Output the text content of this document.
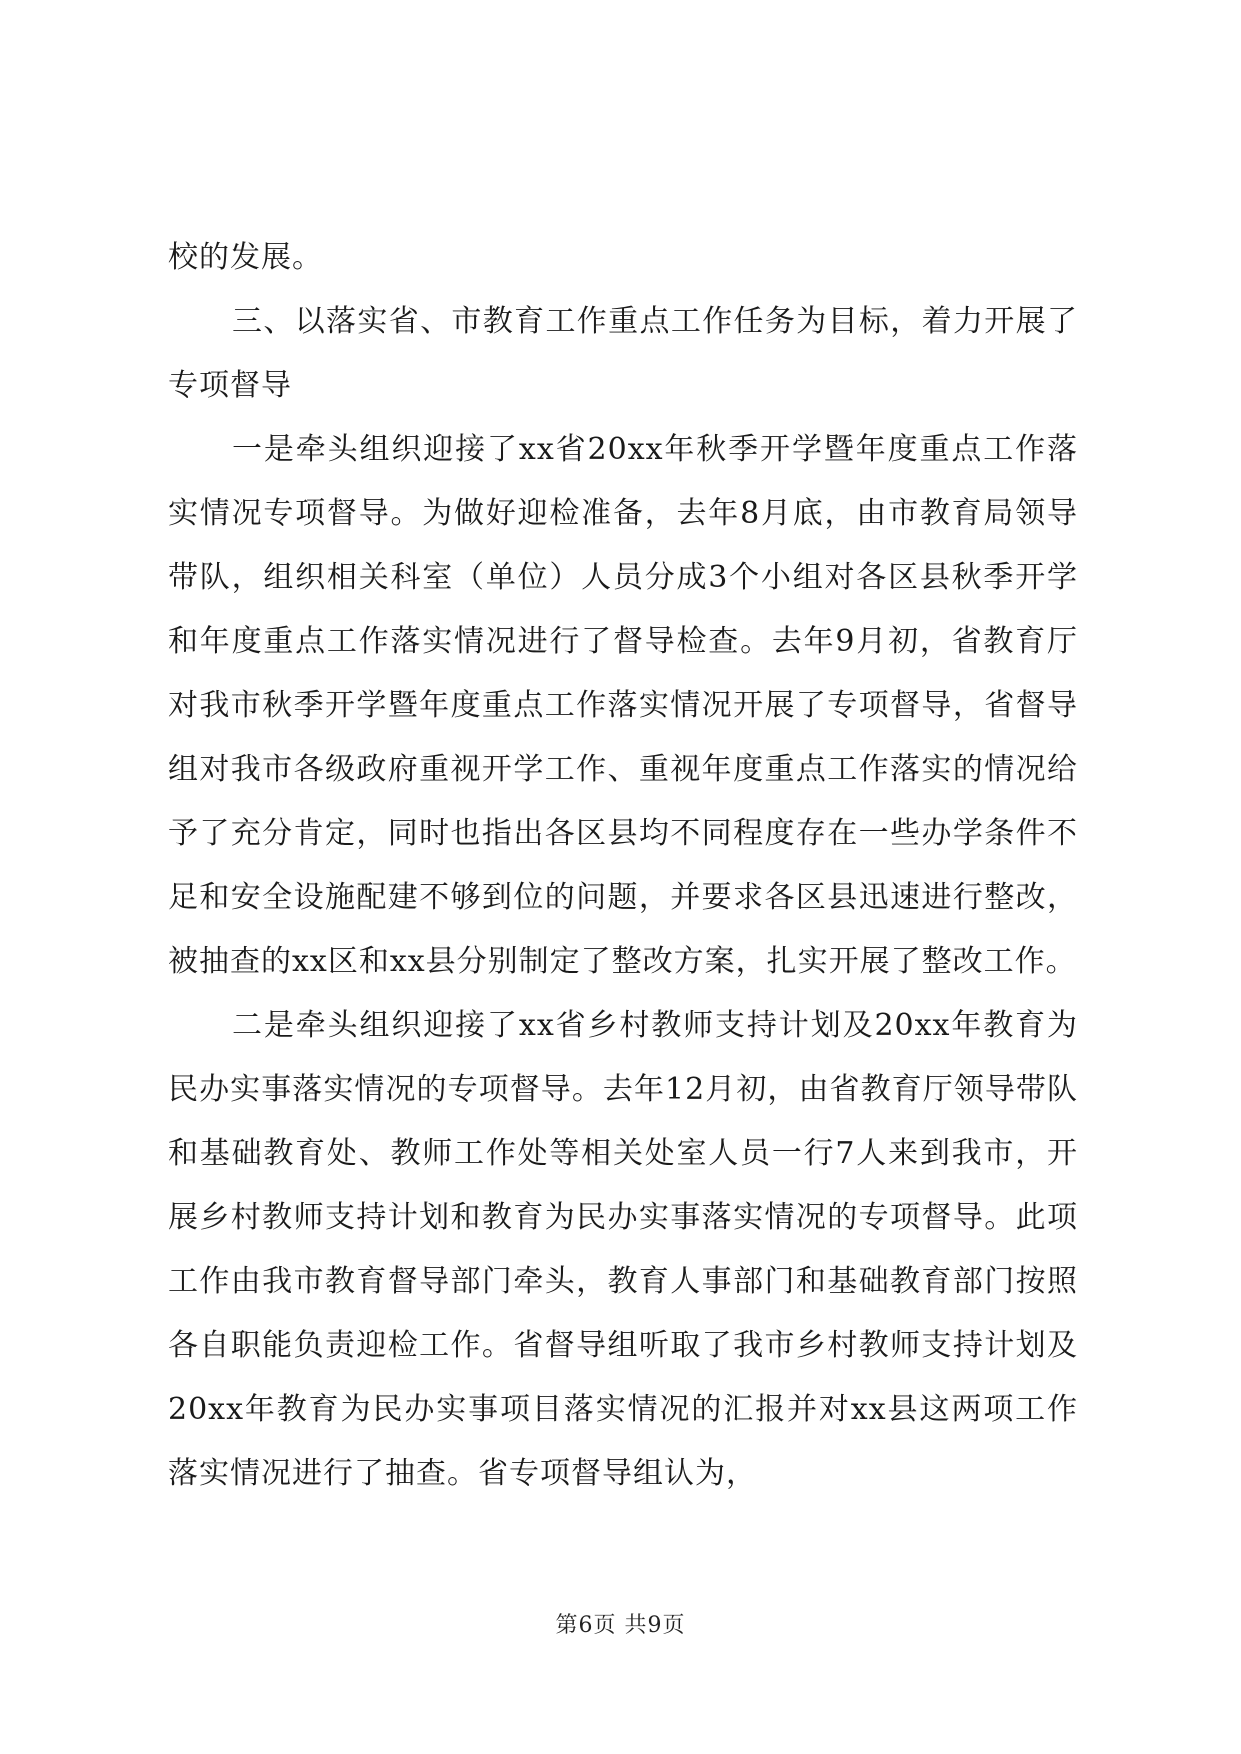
校的发展。

三、以落实省、市教育工作重点工作任务为目标，着力开展了专项督导

一是牵头组织迎接了xx省20xx年秋季开学暨年度重点工作落实情况专项督导。为做好迎检准备，去年8月底，由市教育局领导带队，组织相关科室（单位）人员分成3个小组对各区县秋季开学和年度重点工作落实情况进行了督导检查。去年9月初，省教育厅对我市秋季开学暨年度重点工作落实情况开展了专项督导，省督导组对我市各级政府重视开学工作、重视年度重点工作落实的情况给予了充分肯定，同时也指出各区县均不同程度存在一些办学条件不足和安全设施配建不够到位的问题，并要求各区县迅速进行整改，被抽查的xx区和xx县分别制定了整改方案，扎实开展了整改工作。

二是牵头组织迎接了xx省乡村教师支持计划及20xx年教育为民办实事落实情况的专项督导。去年12月初，由省教育厅领导带队和基础教育处、教师工作处等相关处室人员一行7人来到我市，开展乡村教师支持计划和教育为民办实事落实情况的专项督导。此项工作由我市教育督导部门牵头，教育人事部门和基础教育部门按照各自职能负责迎检工作。省督导组听取了我市乡村教师支持计划及20xx年教育为民办实事项目落实情况的汇报并对xx县这两项工作落实情况进行了抽查。省专项督导组认为，

第6页 共9页
